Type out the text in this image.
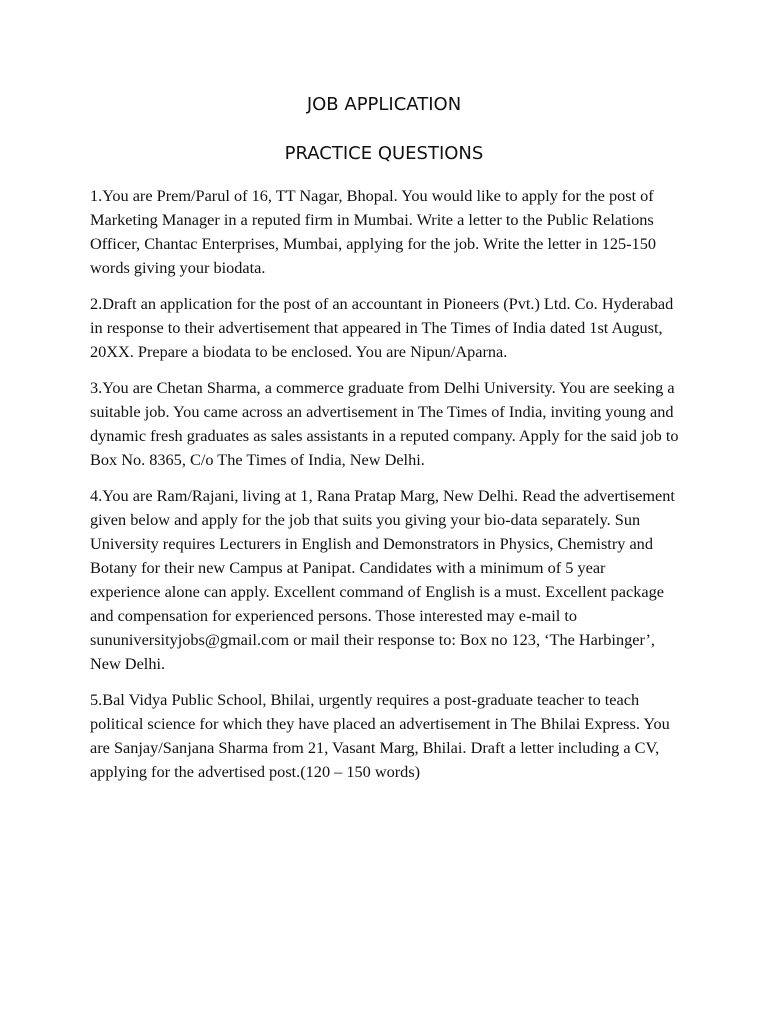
JOB APPLICATION
PRACTICE QUESTIONS
1.You are Prem/Parul of 16, TT Nagar, Bhopal. You would like to apply for the post of Marketing Manager in a reputed firm in Mumbai. Write a letter to the Public Relations Officer, Chantac Enterprises, Mumbai, applying for the job. Write the letter in 125-150 words giving your biodata.
2.Draft an application for the post of an accountant in Pioneers (Pvt.) Ltd. Co. Hyderabad in response to their advertisement that appeared in The Times of India dated 1st August, 20XX. Prepare a biodata to be enclosed. You are Nipun/Aparna.
3.You are Chetan Sharma, a commerce graduate from Delhi University. You are seeking a suitable job. You came across an advertisement in The Times of India, inviting young and dynamic fresh graduates as sales assistants in a reputed company. Apply for the said job to Box No. 8365, C/o The Times of India, New Delhi.
4.You are Ram/Rajani, living at 1, Rana Pratap Marg, New Delhi. Read the advertisement given below and apply for the job that suits you giving your bio-data separately. Sun University requires Lecturers in English and Demonstrators in Physics, Chemistry and Botany for their new Campus at Panipat. Candidates with a minimum of 5 year experience alone can apply. Excellent command of English is a must. Excellent package and compensation for experienced persons. Those interested may e-mail to sununiversityjobs@gmail.com or mail their response to: Box no 123, ‘The Harbinger’, New Delhi.
5.Bal Vidya Public School, Bhilai, urgently requires a post-graduate teacher to teach political science for which they have placed an advertisement in The Bhilai Express. You are Sanjay/Sanjana Sharma from 21, Vasant Marg, Bhilai. Draft a letter including a CV, applying for the advertised post.(120 – 150 words)
